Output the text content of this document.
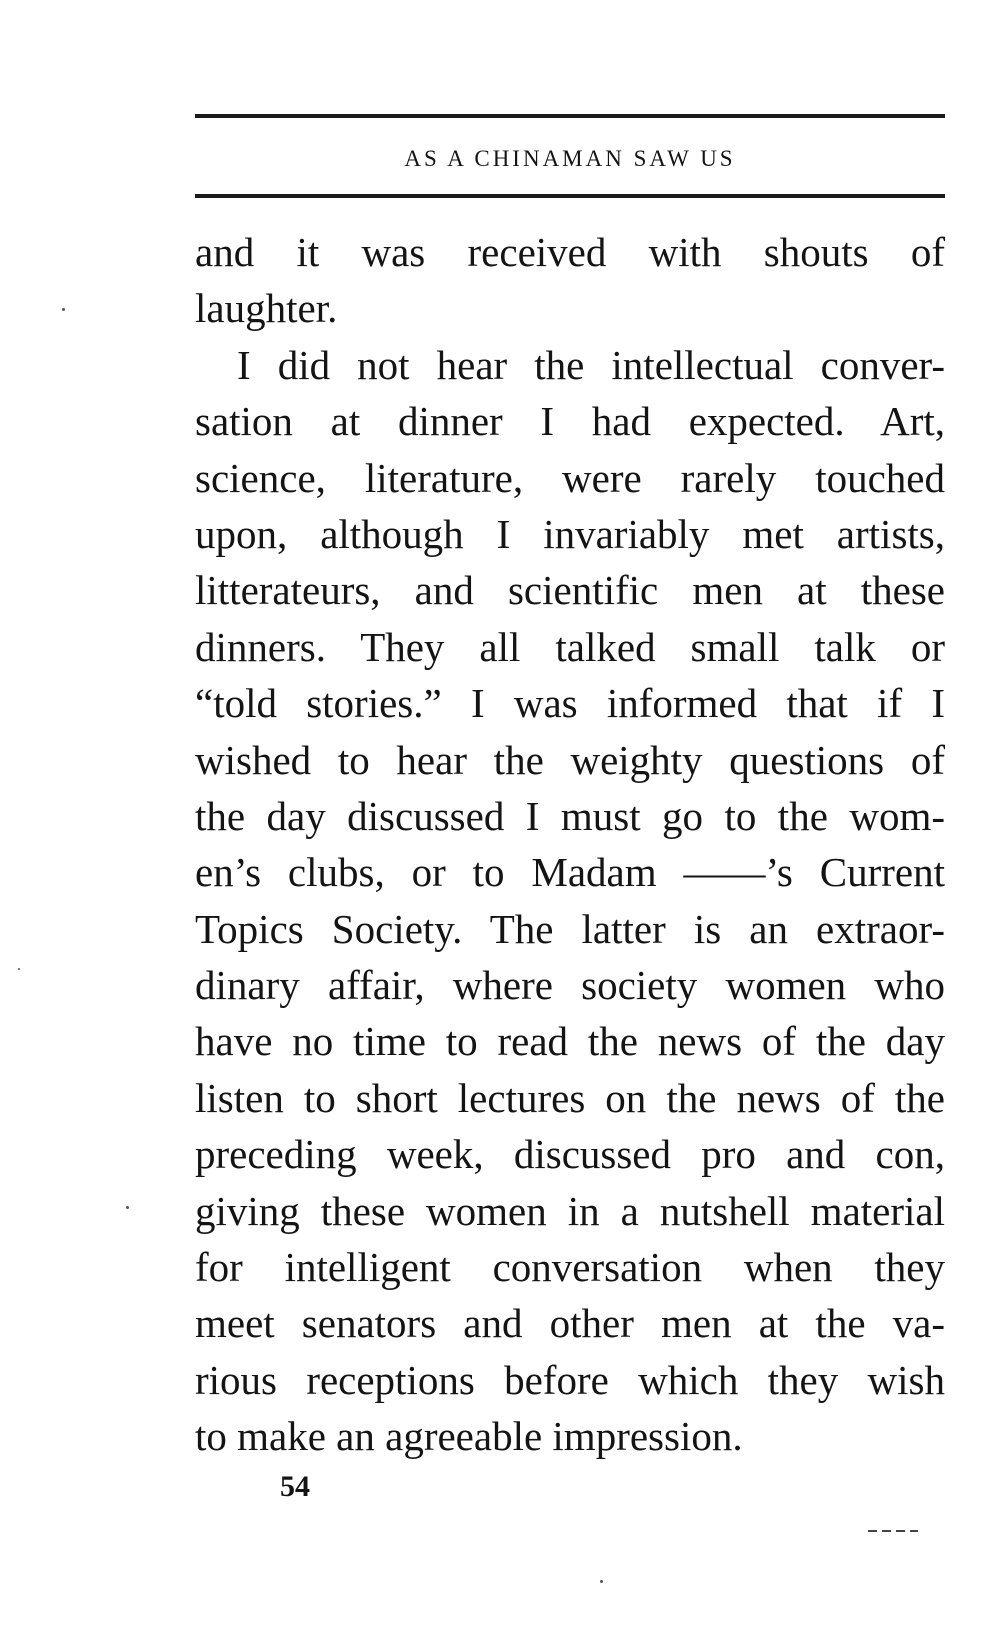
AS A CHINAMAN SAW US
and it was received with shouts of
laughter.
I did not hear the intellectual conver-
sation at dinner I had expected. Art,
science, literature, were rarely touched
upon, although I invariably met artists,
litterateurs, and scientific men at these
dinners. They all talked small talk or
“told stories.” I was informed that if I
wished to hear the weighty questions of
the day discussed I must go to the wom-
en’s clubs, or to Madam ——’s Current
Topics Society. The latter is an extraor-
dinary affair, where society women who
have no time to read the news of the day
listen to short lectures on the news of the
preceding week, discussed pro and con,
giving these women in a nutshell material
for intelligent conversation when they
meet senators and other men at the va-
rious receptions before which they wish
to make an agreeable impression.
54
